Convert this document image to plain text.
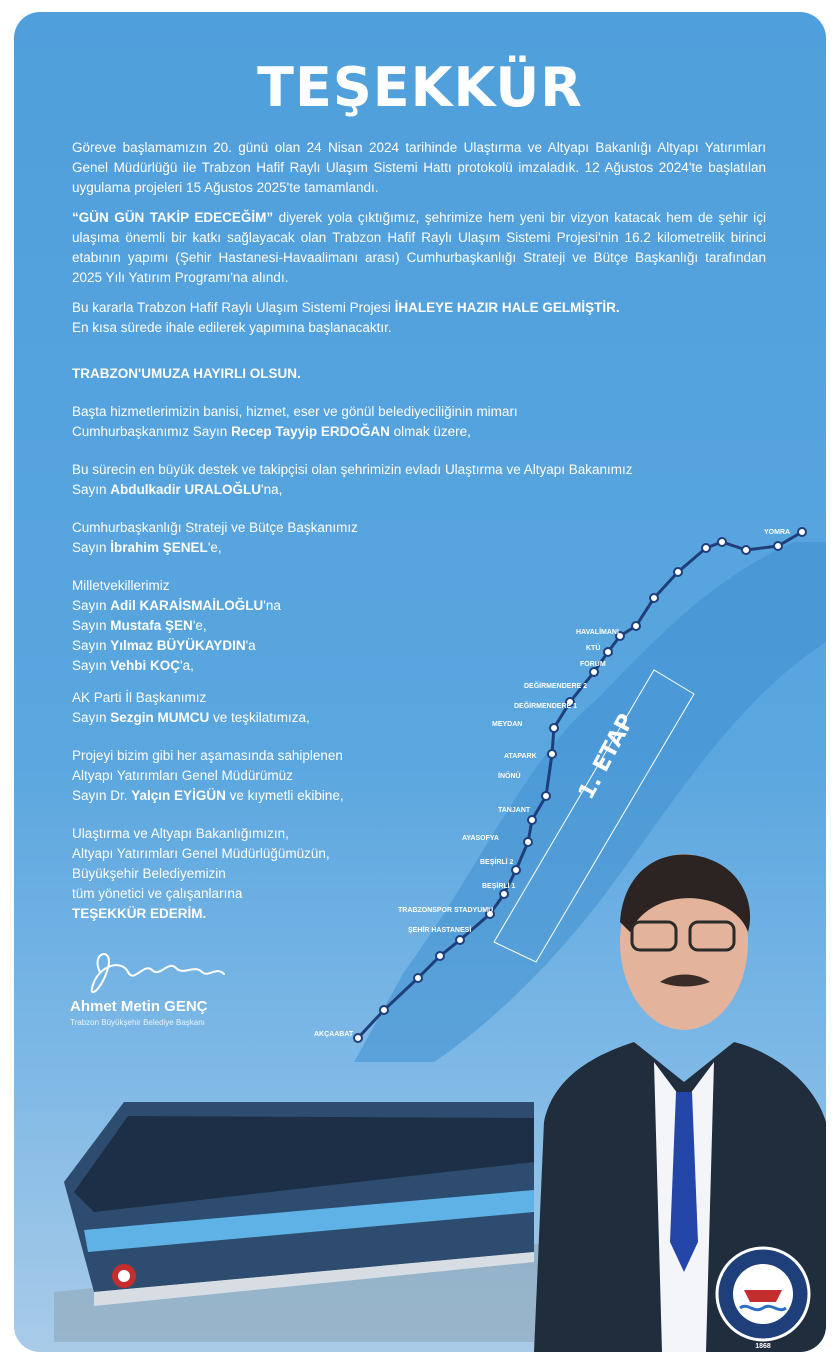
TEŞEKKÜR
Göreve başlamamızın 20. günü olan 24 Nisan 2024 tarihinde Ulaştırma ve Altyapı Bakanlığı Altyapı Yatırımları Genel Müdürlüğü ile Trabzon Hafif Raylı Ulaşım Sistemi Hattı protokolü imzaladık. 12 Ağustos 2024'te başlatılan uygulama projeleri 15 Ağustos 2025'te tamamlandı.
“GÜN GÜN TAKİP EDECEĞİM” diyerek yola çıktığımız, şehrimize hem yeni bir vizyon katacak hem de şehir içi ulaşıma önemli bir katkı sağlayacak olan Trabzon Hafif Raylı Ulaşım Sistemi Projesi'nin 16.2 kilometrelik birinci etabının yapımı (Şehir Hastanesi-Havaalimanı arası) Cumhurbaşkanlığı Strateji ve Bütçe Başkanlığı tarafından 2025 Yılı Yatırım Programı'na alındı.
Bu kararla Trabzon Hafif Raylı Ulaşım Sistemi Projesi İHALEYE HAZIR HALE GELMİŞTİR.
En kısa sürede ihale edilerek yapımına başlanacaktır.
TRABZON'UMUZA HAYIRLI OLSUN.
Başta hizmetlerimizin banisi, hizmet, eser ve gönül belediyeciliğinin mimarı
Cumhurbaşkanımız Sayın Recep Tayyip ERDOĞAN olmak üzere,
Bu sürecin en büyük destek ve takipçisi olan şehrimizin evladı Ulaştırma ve Altyapı Bakanımız
Sayın Abdulkadir URALOĞLU'na,
Cumhurbaşkanlığı Strateji ve Bütçe Başkanımız
Sayın İbrahim ŞENEL'e,
Milletvekillerimiz
Sayın Adil KARAİSMAİLOĞLU'na
Sayın Mustafa ŞEN'e,
Sayın Yılmaz BÜYÜKAYDIN'a
Sayın Vehbi KOÇ'a,
AK Parti İl Başkanımız
Sayın Sezgin MUMCU ve teşkilatımıza,
Projeyi bizim gibi her aşamasında sahiplenen
Altyapı Yatırımları Genel Müdürümüz
Sayın Dr. Yalçın EYİGÜN ve kıymetli ekibine,
Ulaştırma ve Altyapı Bakanlığımızın,
Altyapı Yatırımları Genel Müdürlüğümüzün,
Büyükşehir Belediyemizin
tüm yönetici ve çalışanlarına
TEŞEKKÜR EDERİM.
Ahmet Metin GENÇ
Trabzon Büyükşehir Belediye Başkanı
YOMRA
HAVALİMANI
KTÜ
FORUM
DEĞİRMENDERE 2
DEĞİRMENDERE 1
MEYDAN
ATAPARK
İNÖNÜ
TANJANT
AYASOFYA
BEŞİRLİ 2
BEŞİRLİ 1
TRABZONSPOR STADYUMU
ŞEHİR HASTANESİ
AKÇAABAT
1. ETAP
1868
